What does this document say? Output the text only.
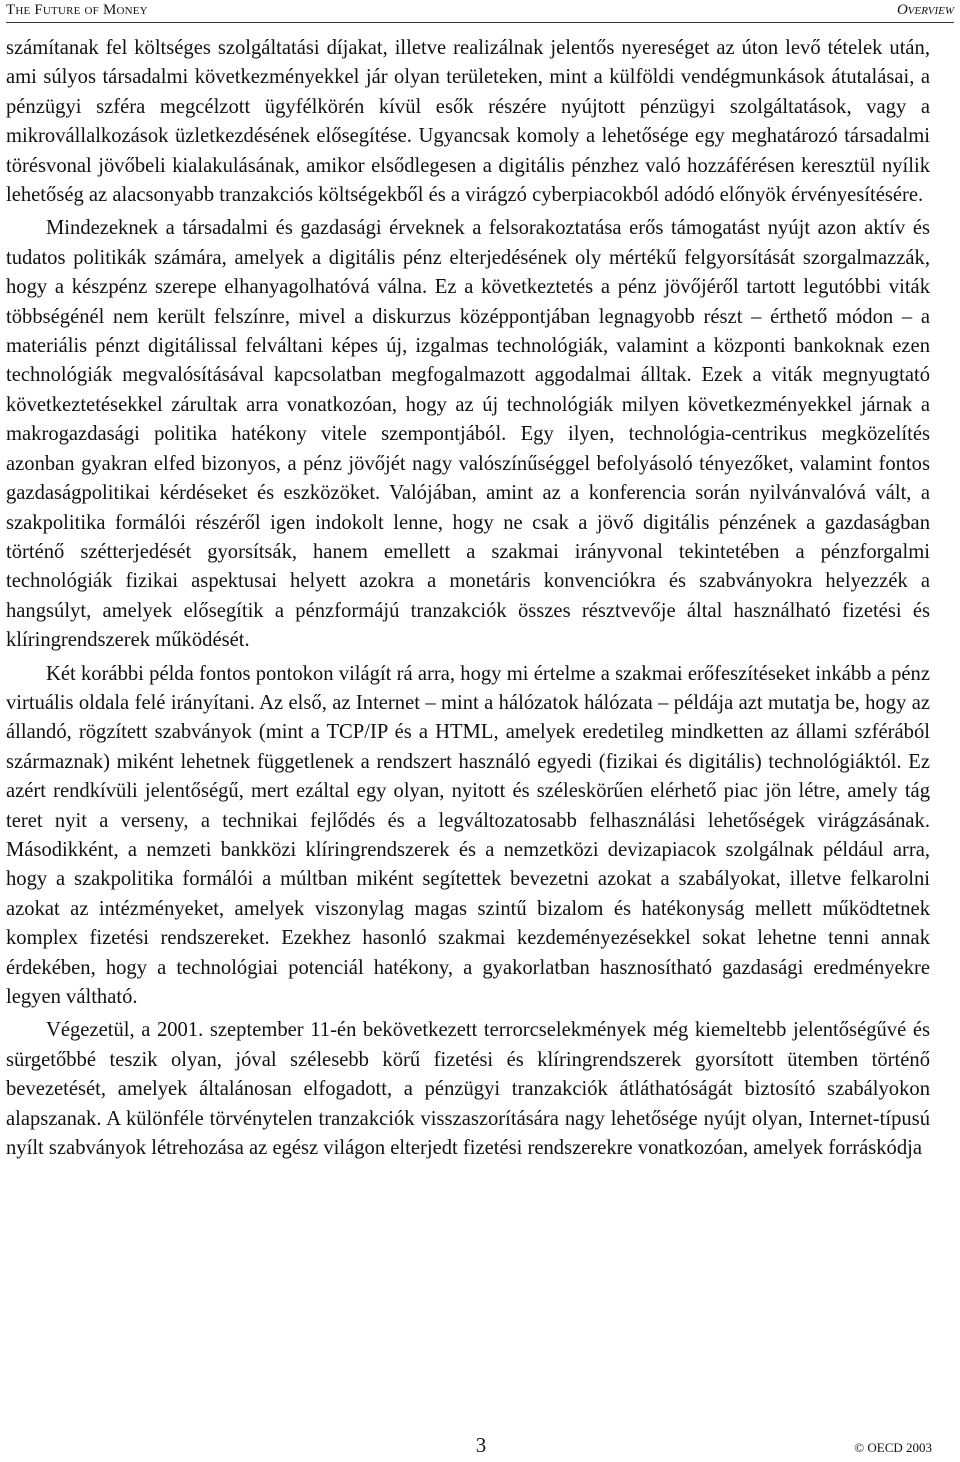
The Future of Money	Overview

számítanak fel költséges szolgáltatási díjakat, illetve realizálnak jelentős nyereséget az úton levő tételek után, ami súlyos társadalmi következményekkel jár olyan területeken, mint a külföldi vendégmunkások átutalásai, a pénzügyi szféra megcélzott ügyfélkörén kívül esők részére nyújtott pénzügyi szolgáltatások, vagy a mikrovállalkozások üzletkezdésének elősegítése. Ugyancsak komoly a lehetősége egy meghatározó társadalmi törésvonal jövőbeli kialakulásának, amikor elsődlegesen a digitális pénzhez való hozzáférésen keresztül nyílik lehetőség az alacsonyabb tranzakciós költségekből és a virágzó cyberpiacokból adódó előnyök érvényesítésére.

Mindezeknek a társadalmi és gazdasági érveknek a felsorakoztatása erős támogatást nyújt azon aktív és tudatos politikák számára, amelyek a digitális pénz elterjedésének oly mértékű felgyorsítását szorgalmazzák, hogy a készpénz szerepe elhanyagolhatóvá válna. Ez a következtetés a pénz jövőjéről tartott legutóbbi viták többségénél nem került felszínre, mivel a diskurzus középpontjában legnagyobb részt – érthető módon – a materiális pénzt digitálissal felváltani képes új, izgalmas technológiák, valamint a központi bankoknak ezen technológiák megvalósításával kapcsolatban megfogalmazott aggodalmai álltak. Ezek a viták megnyugtató következtetésekkel zárultak arra vonatkozóan, hogy az új technológiák milyen következményekkel járnak a makrogazdasági politika hatékony vitele szempontjából. Egy ilyen, technológia-centrikus megközelítés azonban gyakran elfed bizonyos, a pénz jövőjét nagy valószínűséggel befolyásoló tényezőket, valamint fontos gazdaságpolitikai kérdéseket és eszközöket. Valójában, amint az a konferencia során nyilvánvalóvá vált, a szakpolitika formálói részéről igen indokolt lenne, hogy ne csak a jövő digitális pénzének a gazdaságban történő szétterjedését gyorsítsák, hanem emellett a szakmai irányvonal tekintetében a pénzforgalmi technológiák fizikai aspektusai helyett azokra a monetáris konvenciókra és szabványokra helyezzék a hangsúlyt, amelyek elősegítik a pénzformájú tranzakciók összes résztvevője által használható fizetési és klíringrendszerek működését.

Két korábbi példa fontos pontokon világít rá arra, hogy mi értelme a szakmai erőfeszítéseket inkább a pénz virtuális oldala felé irányítani. Az első, az Internet – mint a hálózatok hálózata – példája azt mutatja be, hogy az állandó, rögzített szabványok (mint a TCP/IP és a HTML, amelyek eredetileg mindketten az állami szférából származnak) miként lehetnek függetlenek a rendszert használó egyedi (fizikai és digitális) technológiáktól. Ez azért rendkívüli jelentőségű, mert ezáltal egy olyan, nyitott és széleskörűen elérhető piac jön létre, amely tág teret nyit a verseny, a technikai fejlődés és a legváltozatosabb felhasználási lehetőségek virágzásának. Másodikként, a nemzeti bankközi klíringrendszerek és a nemzetközi devizapiacok szolgálnak például arra, hogy a szakpolitika formálói a múltban miként segítettek bevezetni azokat a szabályokat, illetve felkarolni azokat az intézményeket, amelyek viszonylag magas szintű bizalom és hatékonyság mellett működtetnek komplex fizetési rendszereket. Ezekhez hasonló szakmai kezdeményezésekkel sokat lehetne tenni annak érdekében, hogy a technológiai potenciál hatékony, a gyakorlatban hasznosítható gazdasági eredményekre legyen váltható.

Végezetül, a 2001. szeptember 11-én bekövetkezett terrorcselekmények még kiemeltebb jelentőségűvé és sürgetőbbé teszik olyan, jóval szélesebb körű fizetési és klíringrendszerek gyorsított ütemben történő bevezetését, amelyek általánosan elfogadott, a pénzügyi tranzakciók átláthatóságát biztosító szabályokon alapszanak. A különféle törvénytelen tranzakciók visszaszorítására nagy lehetősége nyújt olyan, Internet-típusú nyílt szabványok létrehozása az egész világon elterjedt fizetési rendszerekre vonatkozóan, amelyek forráskódja

3	© OECD 2003
